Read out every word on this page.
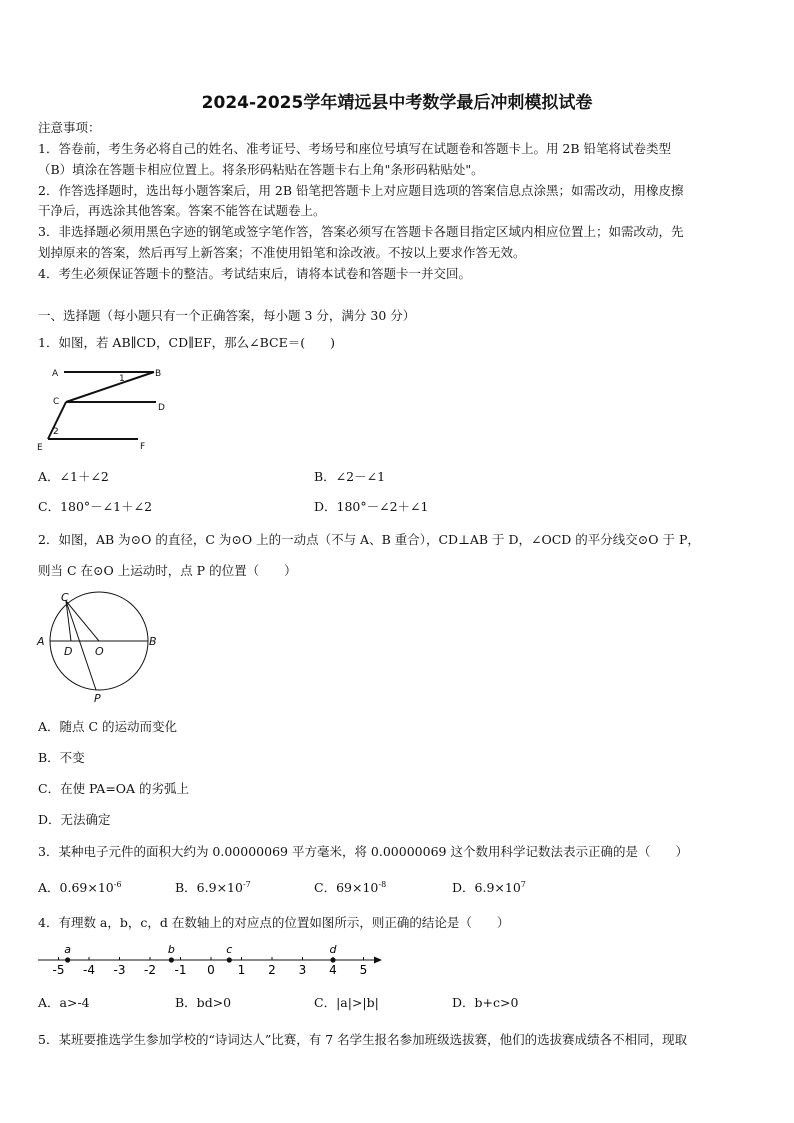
2024-2025学年靖远县中考数学最后冲刺模拟试卷
注意事项：
1．答卷前，考生务必将自己的姓名、准考证号、考场号和座位号填写在试题卷和答题卡上。用 2B 铅笔将试卷类型
（B）填涂在答题卡相应位置上。将条形码粘贴在答题卡右上角"条形码粘贴处"。
2．作答选择题时，选出每小题答案后，用 2B 铅笔把答题卡上对应题目选项的答案信息点涂黑；如需改动，用橡皮擦
干净后，再选涂其他答案。答案不能答在试题卷上。
3．非选择题必须用黑色字迹的钢笔或签字笔作答，答案必须写在答题卡各题目指定区域内相应位置上；如需改动，先
划掉原来的答案，然后再写上新答案；不准使用铅笔和涂改液。不按以上要求作答无效。
4．考生必须保证答题卡的整洁。考试结束后，请将本试卷和答题卡一并交回。
一、选择题（每小题只有一个正确答案，每小题 3 分，满分 30 分）
1．如图，若 AB∥CD，CD∥EF，那么∠BCE＝(　　)
A	B
C
D
E	F
1
2
A．∠1＋∠2	B．∠2－∠1
C．180°－∠1＋∠2	D．180°－∠2＋∠1
2．如图，AB 为⊙O 的直径，C 为⊙O 上的一动点（不与 A、B 重合），CD⊥AB 于 D，∠OCD 的平分线交⊙O 于 P，
则当 C 在⊙O 上运动时，点 P 的位置（　　）
A	B
C
D O
P
A．随点 C 的运动而变化
B．不变
C．在使 PA=OA 的劣弧上
D．无法确定
3．某种电子元件的面积大约为 0.00000069 平方毫米，将 0.00000069 这个数用科学记数法表示正确的是（　　）
A．$0.69\times 10^{-6}$	B．$6.9\times 10^{-7}$	C．$69\times 10^{-8}$	D．$6.9\times 10^7$
4．有理数 a，b，c，d 在数轴上的对应点的位置如图所示，则正确的结论是（　　）
-5 -4 -3 -2 -1 0 1 2 3 4 5
a	b	c	d
A．a>-4	B．bd>0	C．|a|>|b|	D．b+c>0
5．某班要推选学生参加学校的“诗词达人”比赛，有 7 名学生报名参加班级选拔赛，他们的选拔赛成绩各不相同，现取
